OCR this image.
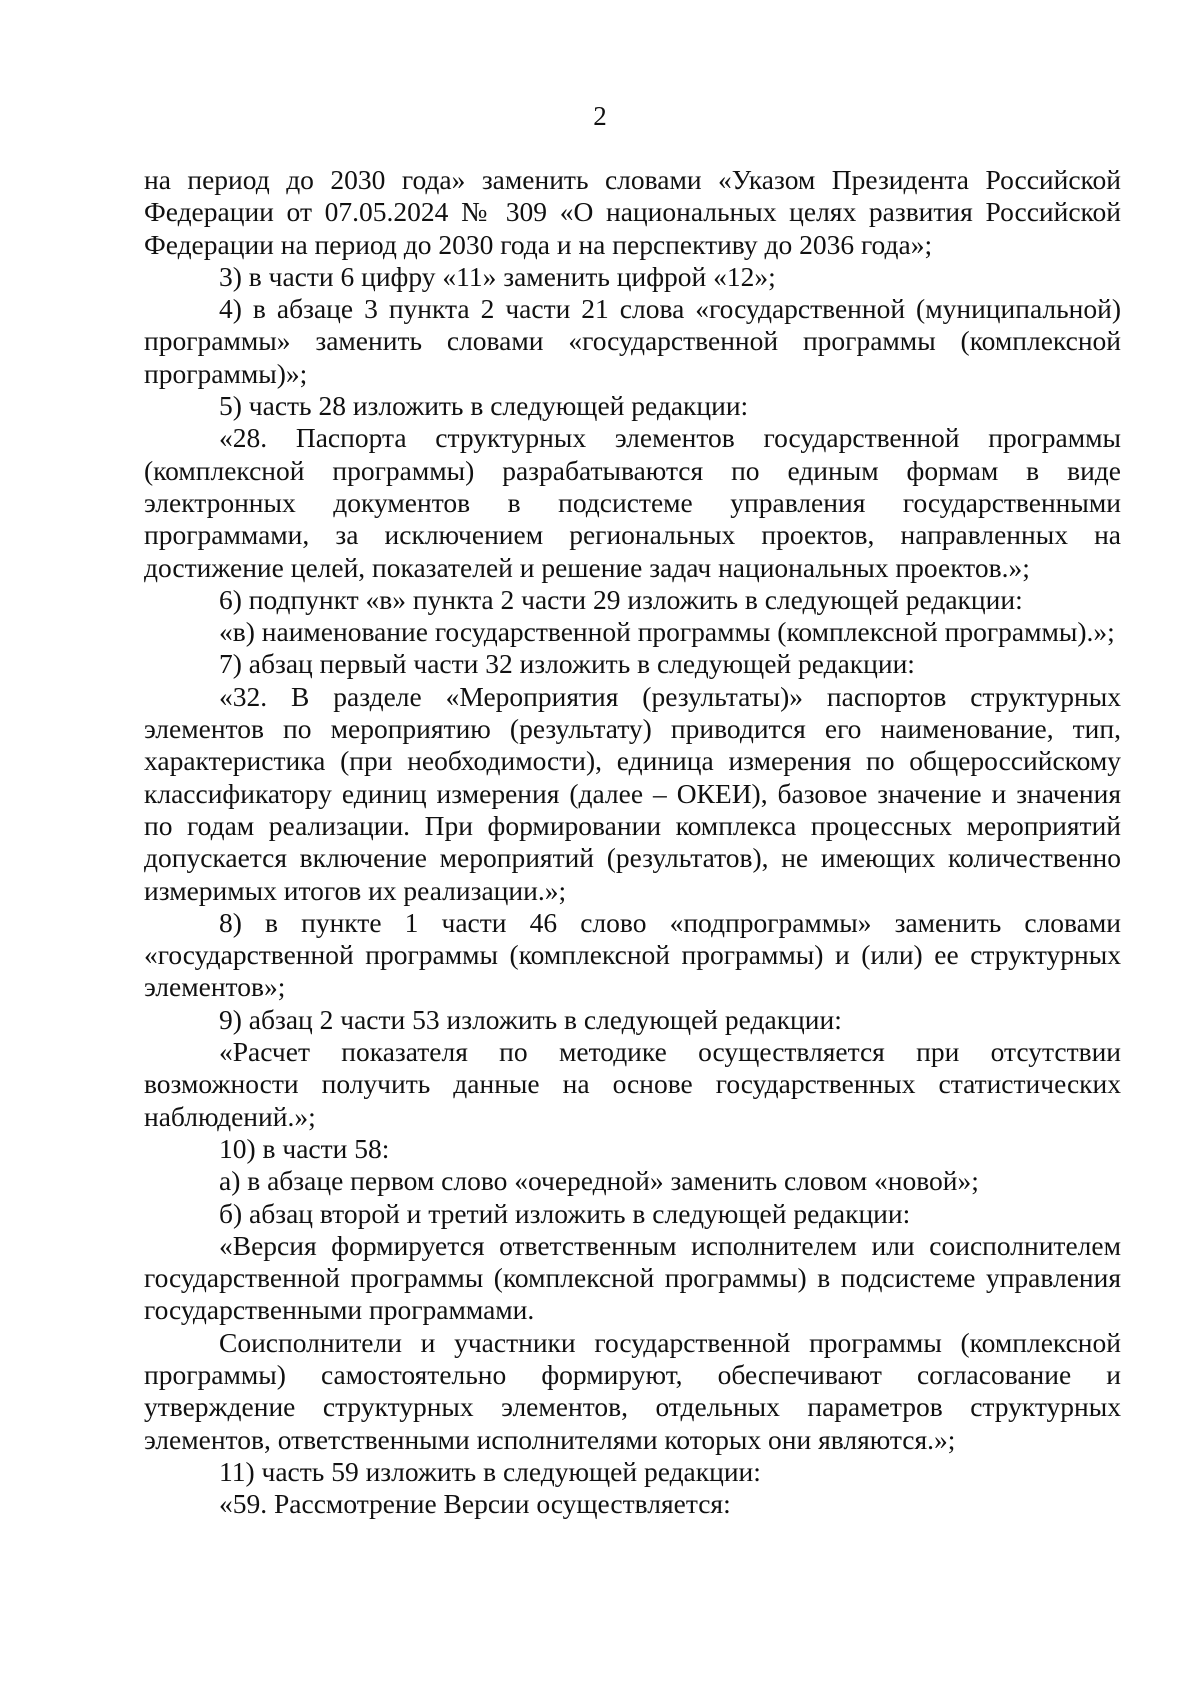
2

на период до 2030 года» заменить словами «Указом Президента Российской Федерации от 07.05.2024 № 309 «О национальных целях развития Российской Федерации на период до 2030 года и на перспективу до 2036 года»;

3) в части 6 цифру «11» заменить цифрой «12»;

4) в абзаце 3 пункта 2 части 21 слова «государственной (муниципальной) программы» заменить словами «государственной программы (комплексной программы)»;

5) часть 28 изложить в следующей редакции:

«28. Паспорта структурных элементов государственной программы (комплексной программы) разрабатываются по единым формам в виде электронных документов в подсистеме управления государственными программами, за исключением региональных проектов, направленных на достижение целей, показателей и решение задач национальных проектов.»;

6) подпункт «в» пункта 2 части 29 изложить в следующей редакции:

«в) наименование государственной программы (комплексной программы).»;

7) абзац первый части 32 изложить в следующей редакции:

«32. В разделе «Мероприятия (результаты)» паспортов структурных элементов по мероприятию (результату) приводится его наименование, тип, характеристика (при необходимости), единица измерения по общероссийскому классификатору единиц измерения (далее – ОКЕИ), базовое значение и значения по годам реализации. При формировании комплекса процессных мероприятий допускается включение мероприятий (результатов), не имеющих количественно измеримых итогов их реализации.»;

8) в пункте 1 части 46 слово «подпрограммы» заменить словами «государственной программы (комплексной программы) и (или) ее структурных элементов»;

9) абзац 2 части 53 изложить в следующей редакции:

«Расчет показателя по методике осуществляется при отсутствии возможности получить данные на основе государственных статистических наблюдений.»;

10) в части 58:

а) в абзаце первом слово «очередной» заменить словом «новой»;

б) абзац второй и третий изложить в следующей редакции:

«Версия формируется ответственным исполнителем или соисполнителем государственной программы (комплексной программы) в подсистеме управления государственными программами.

Соисполнители и участники государственной программы (комплексной программы) самостоятельно формируют, обеспечивают согласование и утверждение структурных элементов, отдельных параметров структурных элементов, ответственными исполнителями которых они являются.»;

11) часть 59 изложить в следующей редакции:

«59. Рассмотрение Версии осуществляется:
